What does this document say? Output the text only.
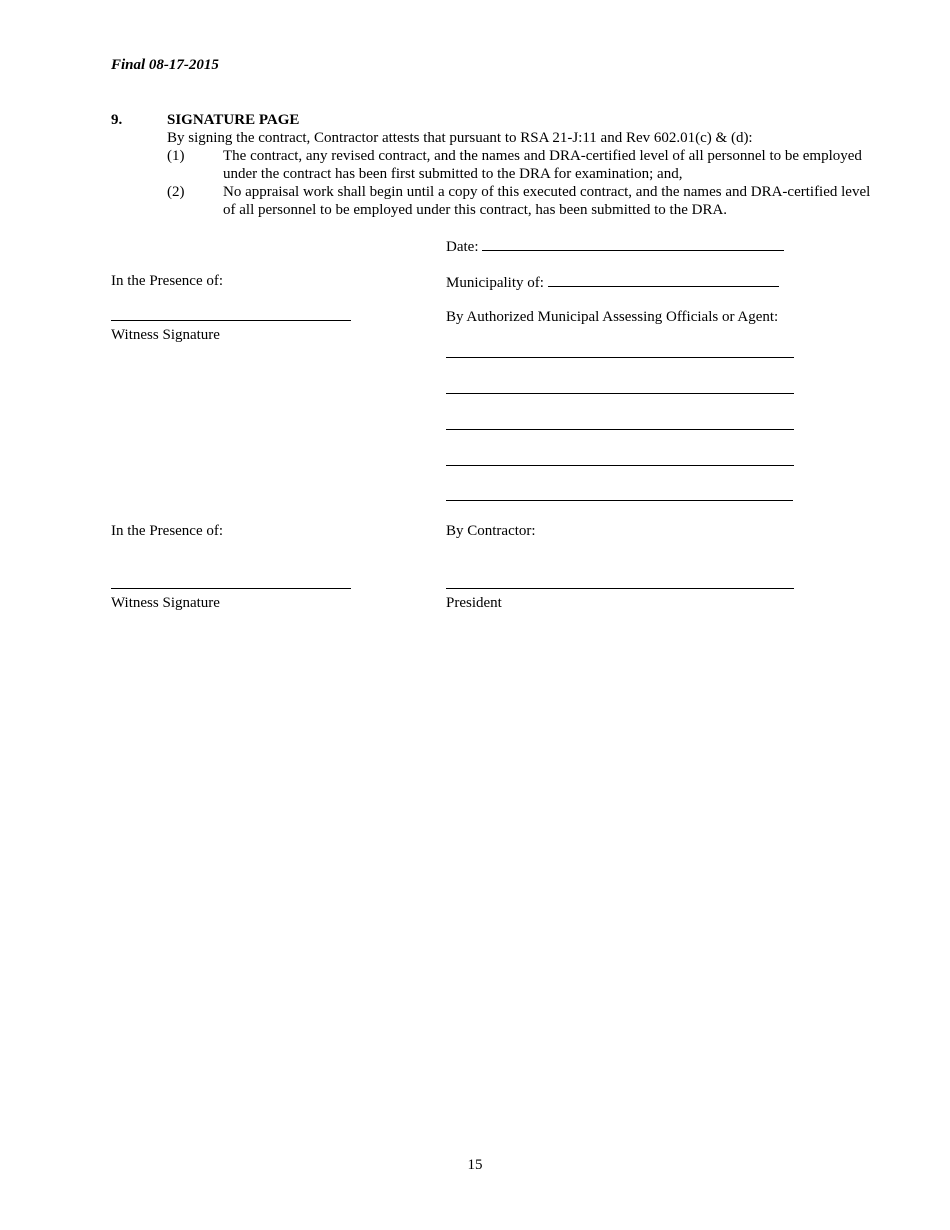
Final 08-17-2015
9.	SIGNATURE PAGE
By signing the contract, Contractor attests that pursuant to RSA 21-J:11 and Rev 602.01(c) & (d):
(1)	The contract, any revised contract, and the names and DRA-certified level of all personnel to be employed under the contract has been first submitted to the DRA for examination; and,
(2)	No appraisal work shall begin until a copy of this executed contract, and the names and DRA-certified level of all personnel to be employed under this contract, has been submitted to the DRA.
Date:
In the Presence of:	Municipality of:
Witness Signature
By Authorized Municipal Assessing Officials or Agent:
In the Presence of:	By Contractor:
Witness Signature	President
15
